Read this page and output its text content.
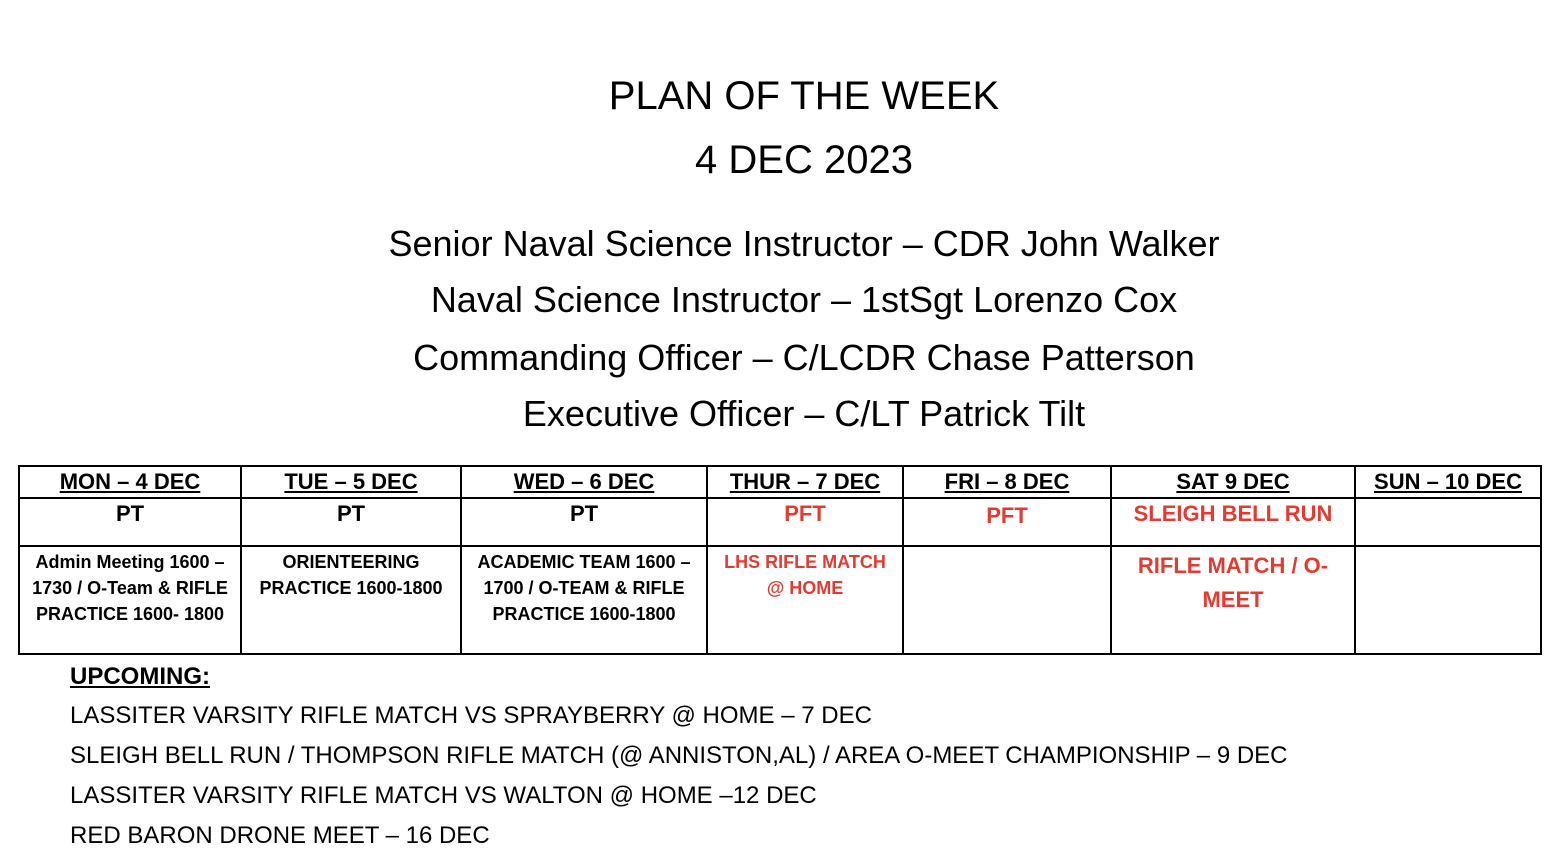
PLAN OF THE WEEK
4 DEC 2023
Senior Naval Science Instructor – CDR John Walker
Naval Science Instructor – 1stSgt Lorenzo Cox
Commanding Officer – C/LCDR Chase Patterson
Executive Officer – C/LT Patrick Tilt
MON – 4 DEC	TUE – 5 DEC	WED – 6 DEC	THUR – 7 DEC	FRI – 8 DEC	SAT 9 DEC	SUN – 10 DEC
PT	PT	PT	PFT	PFT	SLEIGH BELL RUN	
Admin Meeting 1600 – 1730 / O-Team & RIFLE PRACTICE 1600- 1800	ORIENTEERING PRACTICE 1600-1800	ACADEMIC TEAM 1600 – 1700 / O-TEAM & RIFLE PRACTICE 1600-1800	LHS RIFLE MATCH @ HOME		RIFLE MATCH / O-MEET	
UPCOMING:
LASSITER VARSITY RIFLE MATCH VS SPRAYBERRY @ HOME – 7 DEC
SLEIGH BELL RUN / THOMPSON RIFLE MATCH (@ ANNISTON,AL) / AREA O-MEET CHAMPIONSHIP – 9 DEC
LASSITER VARSITY RIFLE MATCH VS WALTON @ HOME –12 DEC
RED BARON DRONE MEET – 16 DEC
